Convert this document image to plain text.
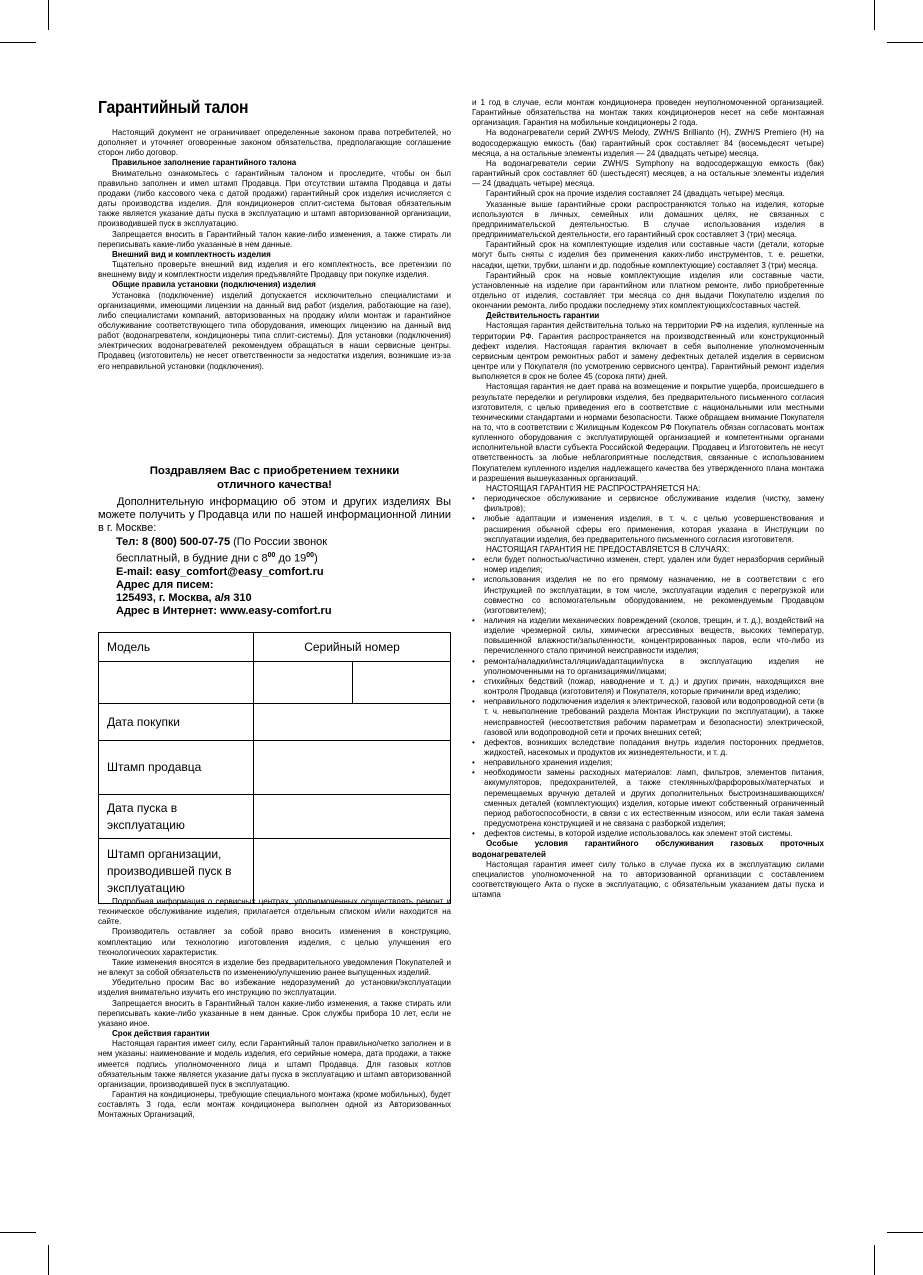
Гарантийный талон

Настоящий документ не ограничивает определенные законом права потребителей, но дополняет и уточняет оговоренные законом обязательства, предполагающие соглашение сторон либо договор.

Правильное заполнение гарантийного талона

Внимательно ознакомьтесь с гарантийным талоном и проследите, чтобы он был правильно заполнен и имел штамп Продавца. При отсутствии штампа Продавца и даты продажи (либо кассового чека с датой продажи) гарантийный срок изделия исчисляется с даты производства изделия. Для кондиционеров сплит-система бытовая обязательным также является указание даты пуска в эксплуатацию и штамп авторизованной организации, производившей пуск в эксплуатацию.

Запрещается вносить в Гарантийный талон какие-либо изменения, а также стирать ли переписывать какие-либо указанные в нем данные.

Внешний вид и комплектность изделия

Тщательно проверьте внешний вид изделия и его комплектность, все претензии по внешнему виду и комплектности изделия предъявляйте Продавцу при покупке изделия.

Общие правила установки (подключения) изделия

Установка (подключение) изделий допускается исключительно специалистами и организациями, имеющими лицензии на данный вид работ (изделия, работающие на газе), либо специалистами компаний, авторизованных на продажу и/или монтаж и гарантийное обслуживание соответствующего типа оборудования, имеющих лицензию на данный вид работ (водонагреватели, кондиционеры типа сплит-системы). Для установки (подключения) электрических водонагревателей рекомендуем обращаться в наши сервисные центры. Продавец (изготовитель) не несет ответственности за недостатки изделия, возникшие из-за его неправильной установки (подключения).

Поздравляем Вас с приобретением техники
отличного качества!

Дополнительную информацию об этом и других изделиях Вы можете получить у Продавца или по нашей информационной линии в г. Москве:

Тел: 8 (800) 500-07-75 (По России звонок

бесплатный, в будние дни с $8^{00}$ до $19^{00}$)

E-mail: easy_comfort@easy_comfort.ru

Адрес для писем:

125493, г. Москва, а/я 310

Адрес в Интернет: www.easy-comfort.ru

Модель	Серийный номер	

Дата покупки		
Штамп продавца		

Дата пуска в
эксплуатацию		

Штамп организации,
производившей пуск в
эксплуатацию		

Подробная информация о сервисных центрах, уполномоченных осуществлять ремонт и техническое обслуживание изделия, прилагается отдельным списком и/или находится на сайте.

Производитель оставляет за собой право вносить изменения в конструкцию, комплектацию или технологию изготовления изделия, с целью улучшения его технологических характеристик.

Такие изменения вносятся в изделие без предварительного уведомления Покупателей и не влекут за собой обязательств по изменению/улучшению ранее выпущенных изделий.

Убедительно просим Вас во избежание недоразумений до установки/эксплуатации изделия внимательно изучить его инструкцию по эксплуатации.

Запрещается вносить в Гарантийный талон какие-либо изменения, а также стирать или переписывать какие-либо указанные в нем данные. Срок службы прибора 10 лет, если не указано иное.

Срок действия гарантии

Настоящая гарантия имеет силу, если Гарантийный талон правильно/четко заполнен и в нем указаны: наименование и модель изделия, его серийные номера, дата продажи, а также имеется подпись уполномоченного лица и штамп Продавца. Для газовых котлов обязательным также является указание даты пуска в эксплуатацию и штамп авторизованной организации, производившей пуск в эксплуатацию.

Гарантия на кондиционеры, требующие специального монтажа (кроме мобильных), будет составлять 3 года, если монтаж кондиционера выполнен одной из Авторизованных Монтажных Организаций,

и 1 год в случае, если монтаж кондиционера проведен неуполномоченной организацией. Гарантийные обязательства на монтаж таких кондиционеров несет на себе монтажная организация. Гарантия на мобильные кондиционеры 2 года.

На водонагреватели серий ZWH/S Melody, ZWH/S Brillianto (H), ZWH/S Premiero (H) на водосодержащую емкость (бак) гарантийный срок составляет 84 (восемьдесят четыре) месяца, а на остальные элементы изделия — 24 (двадцать четыре) месяца.

На водонагреватели серии ZWH/S Symphony на водосодержащую емкость (бак) гарантийный срок составляет 60 (шестьдесят) месяцев, а на остальные элементы изделия — 24 (двадцать четыре) месяца.

Гарантийный срок на прочие изделия составляет 24 (двадцать четыре) месяца.

Указанные выше гарантийные сроки распространяются только на изделия, которые используются в личных, семейных или домашних целях, не связанных с предпринимательской деятельностью. В случае использования изделия в предпринимательской деятельности, его гарантийный срок составляет 3 (три) месяца.

Гарантийный срок на комплектующие изделия или составные части (детали, которые могут быть сняты с изделия без применения каких-либо инструментов, т. е. решетки, насадки, щетки, трубки, шланги и др. подобные комплектующие) составляет 3 (три) месяца.

Гарантийный срок на новые комплектующие изделия или составные части, установленные на изделие при гарантийном или платном ремонте, либо приобретенные отдельно от изделия, составляет три месяца со дня выдачи Покупателю изделия по окончании ремонта, либо продажи последнему этих комплектующих/составных частей.

Действительность гарантии

Настоящая гарантия действительна только на территории РФ на изделия, купленные на территории РФ. Гарантия распространяется на производственный или конструкционный дефект изделия. Настоящая гарантия включает в себя выполнение уполномоченным сервисным центром ремонтных работ и замену дефектных деталей изделия в сервисном центре или у Покупателя (по усмотрению сервисного центра). Гарантийный ремонт изделия выполняется в срок не более 45 (сорока пяти) дней.

Настоящая гарантия не дает права на возмещение и покрытие ущерба, происшедшего в результате переделки и регулировки изделия, без предварительного письменного согласия изготовителя, с целью приведения его в соответствие с национальными или местными техническими стандартами и нормами безопасности. Также обращаем внимание Покупателя на то, что в соответствии с Жилищным Кодексом РФ Покупатель обязан согласовать монтаж купленного оборудования с эксплуатирующей организацией и компетентными органами исполнительной власти субъекта Российской Федерации. Продавец и Изготовитель не несут ответственность за любые неблагоприятные последствия, связанные с использованием Покупателем купленного изделия надлежащего качества без утвержденного плана монтажа и разрешения вышеуказанных организаций.

НАСТОЯЩАЯ ГАРАНТИЯ НЕ РАСПРОСТРАНЯЕТСЯ НА:

• периодическое обслуживание и сервисное обслуживание изделия (чистку, замену фильтров);
• любые адаптации и изменения изделия, в т. ч. с целью усовершенствования и расширения обычной сферы его применения, которая указана в Инструкции по эксплуатации изделия, без предварительного письменного согласия изготовителя.

НАСТОЯЩАЯ ГАРАНТИЯ НЕ ПРЕДОСТАВЛЯЕТСЯ В СЛУЧАЯХ:

• если будет полностью/частично изменен, стерт, удален или будет неразборчив серийный номер изделия;
• использования изделия не по его прямому назначению, не в соответствии с его Инструкцией по эксплуатации, в том числе, эксплуатации изделия с перегрузкой или совместно со вспомогательным оборудованием, не рекомендуемым Продавцом (изготовителем);
• наличия на изделии механических повреждений (сколов, трещин, и т. д.), воздействий на изделие чрезмерной силы, химически агрессивных веществ, высоких температур, повышенной влажности/запыленности, концентрированных паров, если что-либо из перечисленного стало причиной неисправности изделия;
• ремонта/наладки/инсталляции/адаптации/пуска в эксплуатацию изделия не уполномоченными на то организациями/лицами;
• стихийных бедствий (пожар, наводнение и т. д.) и других причин, находящихся вне контроля Продавца (изготовителя) и Покупателя, которые причинили вред изделию;
• неправильного подключения изделия к электрической, газовой или водопроводной сети (в т. ч. невыполнение требований раздела Монтаж Инструкции по эксплуатации), а также неисправностей (несоответствия рабочим параметрам и безопасности) электрической, газовой или водопроводной сети и прочих внешних сетей;
• дефектов, возникших вследствие попадания внутрь изделия посторонних предметов, жидкостей, насекомых и продуктов их жизнедеятельности, и т. д.
• неправильного хранения изделия;
• необходимости замены расходных материалов: ламп, фильтров, элементов питания, аккумуляторов, предохранителей, а также стеклянных/фарфоровых/матерчатых и перемещаемых вручную деталей и других дополнительных быстроизнашивающихся/сменных деталей (комплектующих) изделия, которые имеют собственный ограниченный период работоспособности, в связи с их естественным износом, или если такая замена предусмотрена конструкцией и не связана с разборкой изделия;
• дефектов системы, в которой изделие использовалось как элемент этой системы.

Особые условия гарантийного обслуживания газовых проточных водонагревателей

Настоящая гарантия имеет силу только в случае пуска их в эксплуатацию силами специалистов уполномоченной на то авторизованной организации с составлением соответствующего Акта о пуске в эксплуатацию, с обязательным указанием даты пуска и штампа
